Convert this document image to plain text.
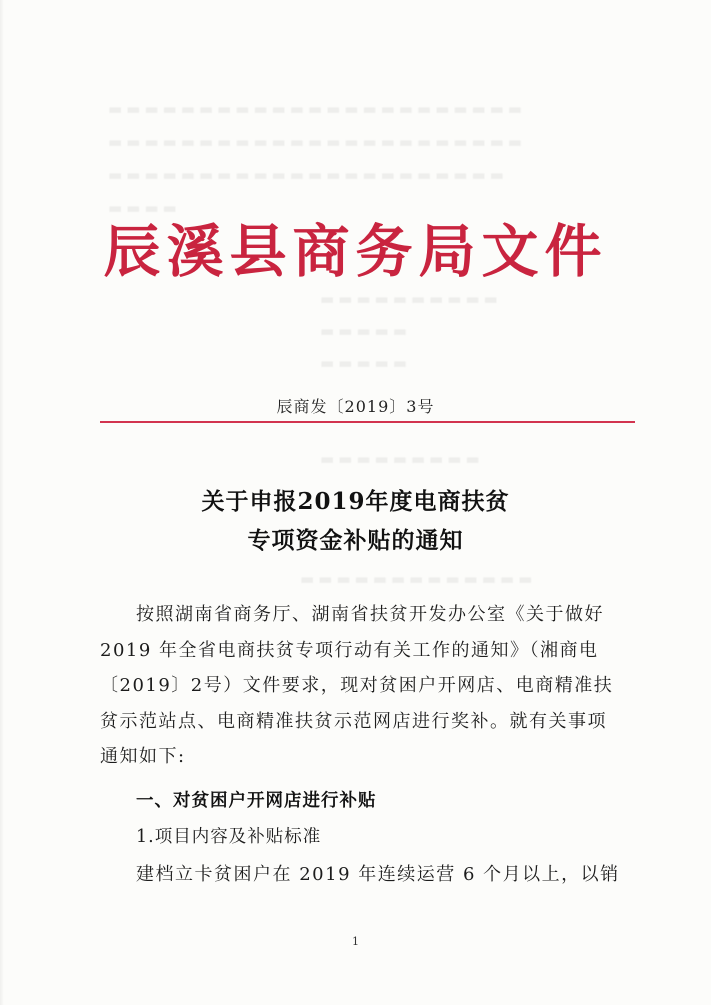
▬▬▬▬▬▬▬▬▬▬▬▬▬▬▬▬▬▬▬▬▬▬▬
▬▬▬▬▬▬▬▬▬▬▬▬▬▬▬▬▬▬▬▬▬▬▬
▬▬▬▬▬▬▬▬▬▬▬▬▬▬▬▬▬▬▬▬▬▬
▬▬▬▬
▬▬▬▬▬▬▬▬▬▬
▬▬▬▬▬
▬▬▬▬▬
▬▬▬▬▬▬▬▬▬
▬▬▬▬▬▬▬▬▬▬▬▬▬
辰溪县商务局文件
辰商发〔2019〕3号
关于申报2019年度电商扶贫
专项资金补贴的通知
按照湖南省商务厅、湖南省扶贫开发办公室《关于做好
2019 年全省电商扶贫专项行动有关工作的通知》（湘商电
〔2019〕2号）文件要求，现对贫困户开网店、电商精准扶
贫示范站点、电商精准扶贫示范网店进行奖补。就有关事项
通知如下:
一、对贫困户开网店进行补贴
1.项目内容及补贴标准
建档立卡贫困户在 2019 年连续运营 6 个月以上，以销
1
